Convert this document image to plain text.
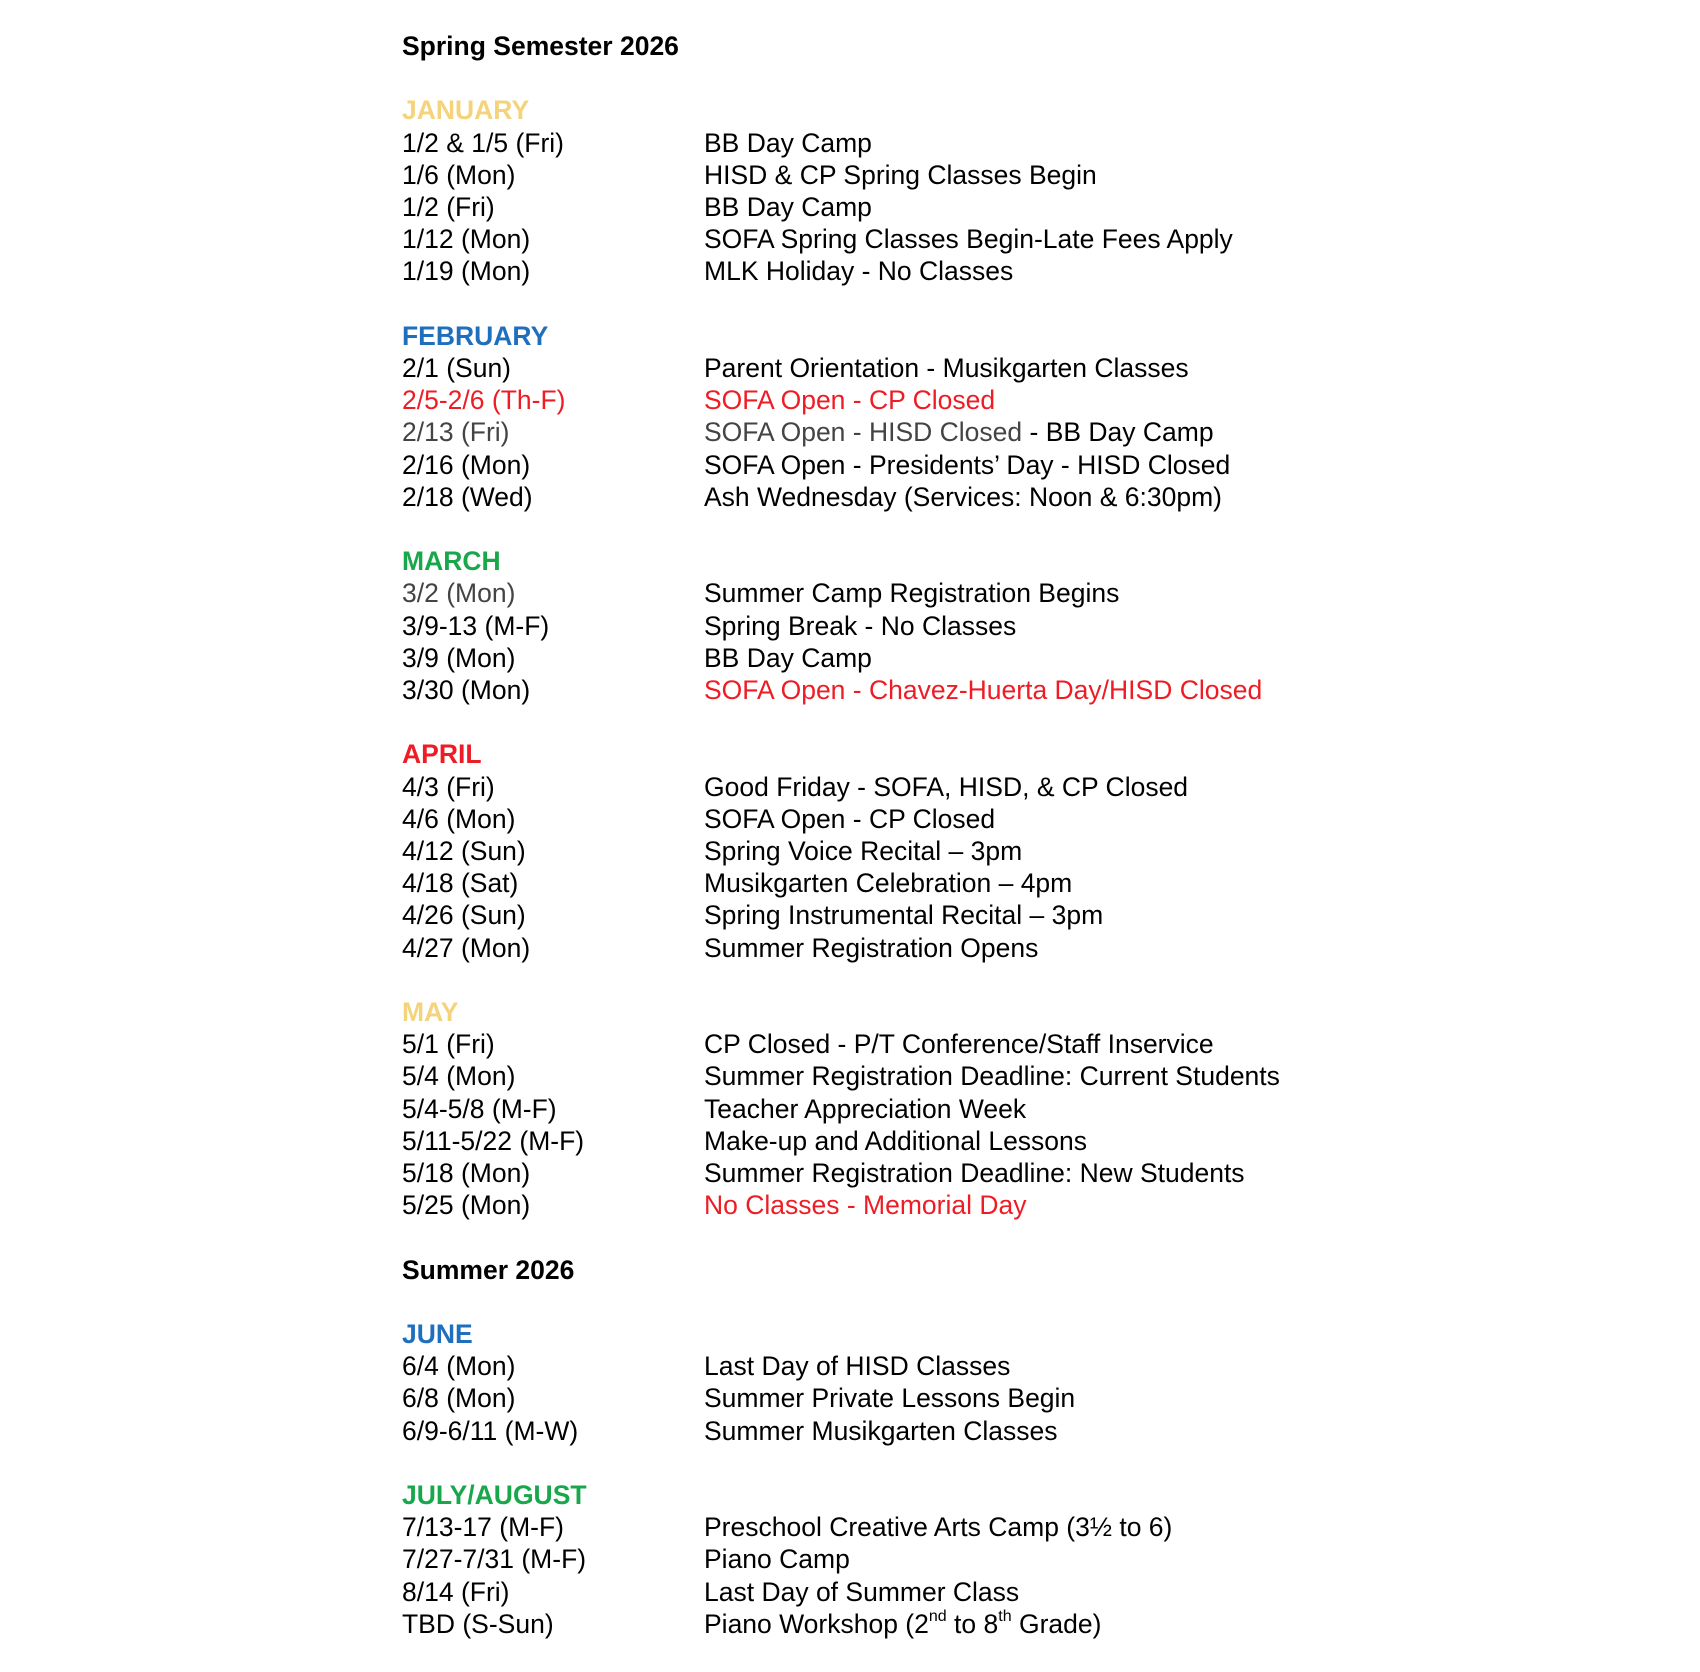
Spring Semester 2026
JANUARY
1/2 & 1/5 (Fri)	BB Day Camp
1/6 (Mon)	HISD & CP Spring Classes Begin
1/2 (Fri)	BB Day Camp
1/12 (Mon)	SOFA Spring Classes Begin-Late Fees Apply
1/19 (Mon)	MLK Holiday - No Classes
FEBRUARY
2/1 (Sun)	Parent Orientation - Musikgarten Classes
2/5-2/6 (Th-F)	SOFA Open - CP Closed
2/13 (Fri)	SOFA Open - HISD Closed - BB Day Camp
2/16 (Mon)	SOFA Open - Presidents’ Day - HISD Closed
2/18 (Wed)	Ash Wednesday (Services: Noon & 6:30pm)
MARCH
3/2 (Mon)	Summer Camp Registration Begins
3/9-13 (M-F)	Spring Break - No Classes
3/9 (Mon)	BB Day Camp
3/30 (Mon)	SOFA Open - Chavez-Huerta Day/HISD Closed
APRIL
4/3 (Fri)	Good Friday - SOFA, HISD, & CP Closed
4/6 (Mon)	SOFA Open - CP Closed
4/12 (Sun)	Spring Voice Recital – 3pm
4/18 (Sat)	Musikgarten Celebration – 4pm
4/26 (Sun)	Spring Instrumental Recital – 3pm
4/27 (Mon)	Summer Registration Opens
MAY
5/1 (Fri)	CP Closed - P/T Conference/Staff Inservice
5/4 (Mon)	Summer Registration Deadline: Current Students
5/4-5/8 (M-F)	Teacher Appreciation Week
5/11-5/22 (M-F)	Make-up and Additional Lessons
5/18 (Mon)	Summer Registration Deadline: New Students
5/25 (Mon)	No Classes - Memorial Day
Summer 2026
JUNE
6/4 (Mon)	Last Day of HISD Classes
6/8 (Mon)	Summer Private Lessons Begin
6/9-6/11 (M-W)	Summer Musikgarten Classes
JULY/AUGUST
7/13-17 (M-F)	Preschool Creative Arts Camp (3½ to 6)
7/27-7/31 (M-F)	Piano Camp
8/14 (Fri)	Last Day of Summer Class
TBD (S-Sun)	Piano Workshop (2nd to 8th Grade)
